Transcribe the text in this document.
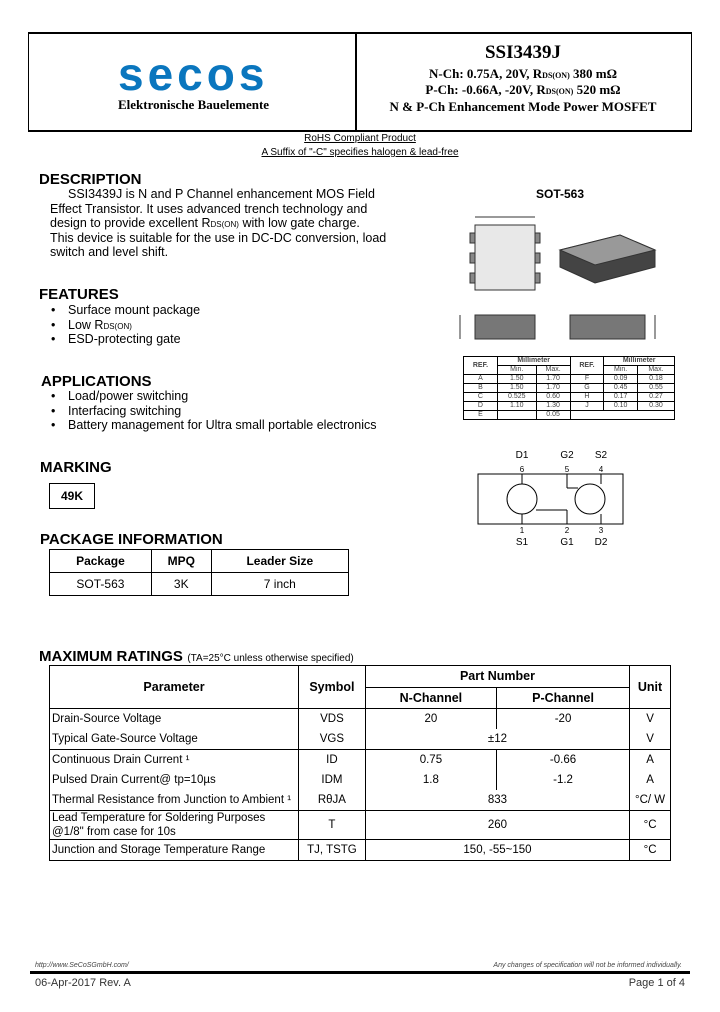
secos
Elektronische Bauelemente
SSI3439J
N-Ch: 0.75A, 20V, RDS(ON) 380 mΩ
P-Ch: -0.66A, -20V, RDS(ON) 520 mΩ
N & P-Ch Enhancement Mode Power MOSFET
RoHS Compliant Product
A Suffix of "-C" specifies halogen & lead-free
DESCRIPTION
SSI3439J is N and P Channel enhancement MOS Field
Effect Transistor. It uses advanced trench technology and
design to provide excellent RDS(ON) with low gate charge.
This device is suitable for the use in DC-DC conversion, load
switch and level shift.
FEATURES
• Surface mount package
• Low RDS(ON)
• ESD-protecting gate
APPLICATIONS
• Load/power switching
• Interfacing switching
• Battery management for Ultra small portable electronics
MARKING
49K
PACKAGE INFORMATION
Package	MPQ	Leader Size
SOT-563	3K	7 inch
SOT-563
REF.	Millimeter		REF.	Millimeter	
	Min.	Max.		Min.	Max.
A	1.50	1.70	F	0.09	0.18
B	1.50	1.70	G	0.45	0.55
C	0.525	0.60	H	0.17	0.27
D	1.10	1.30	J	0.10	0.30
E		0.05			
D1	G2 S2
S1	G1 D2
6	5	4
1	2	3
MAXIMUM RATINGS (TA=25°C unless otherwise specified)
Parameter	Symbol	Part Number		Unit
		N-Channel	P-Channel	
Drain-Source Voltage	VDS	20	-20	V
Typical Gate-Source Voltage	VGS	±12		V
Continuous Drain Current ¹	ID	0.75	-0.66	A
Pulsed Drain Current@ tp=10µs	IDM	1.8	-1.2	A
Thermal Resistance from Junction to Ambient ¹	RθJA	833		°C/ W

Lead Temperature for Soldering Purposes
@1/8" from case for 10s	T	260		°C
Junction and Storage Temperature Range	TJ, TSTG	150, -55~150		°C
http://www.SeCoSGmbH.com/	Any changes of specification will not be informed individually.
06-Apr-2017 Rev. A	Page 1 of 4
